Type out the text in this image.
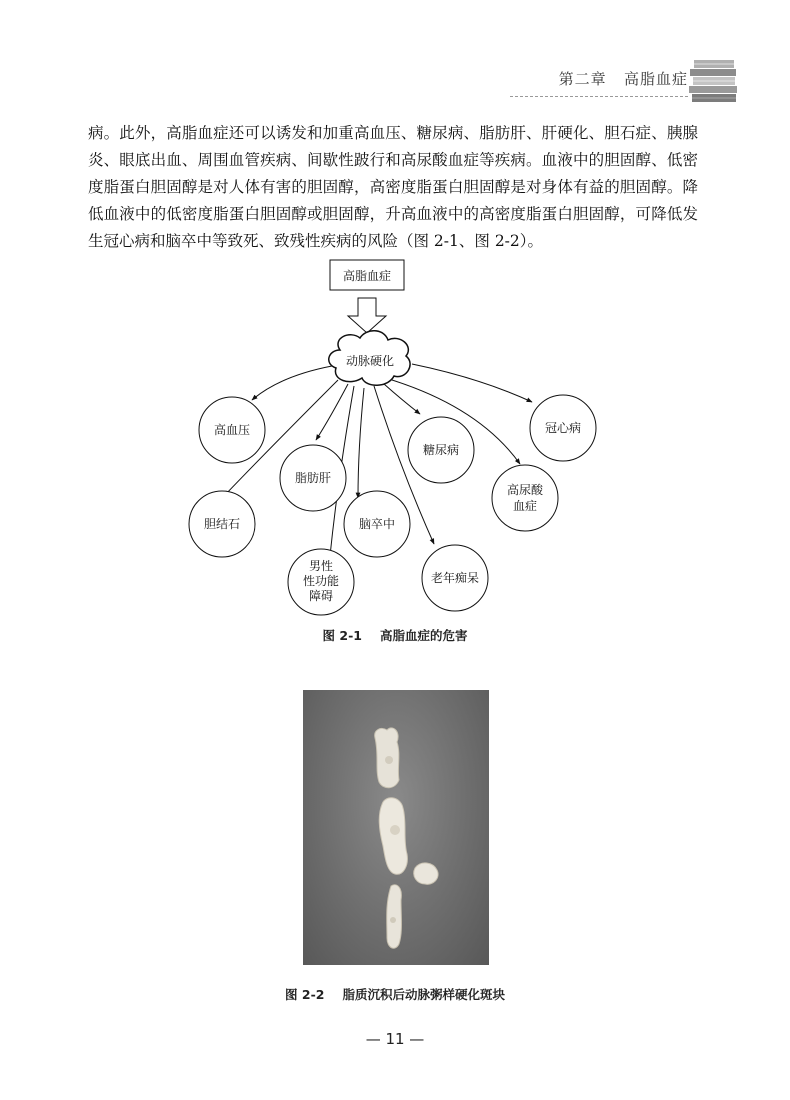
第二章 高脂血症

病。此外，高脂血症还可以诱发和加重高血压、糖尿病、脂肪肝、肝硬化、胆石症、胰腺炎、眼底出血、周围血管疾病、间歇性跛行和高尿酸血症等疾病。血液中的胆固醇、低密度脂蛋白胆固醇是对人体有害的胆固醇，高密度脂蛋白胆固醇是对身体有益的胆固醇。降低血液中的低密度脂蛋白胆固醇或胆固醇，升高血液中的高密度脂蛋白胆固醇，可降低发生冠心病和脑卒中等致死、致残性疾病的风险（图 2-1、图 2-2）。

高脂血症
动脉硬化
高血压
胆结石
脂肪肝
脑卒中
男性
性功能
障碍
糖尿病
老年痴呆
高尿酸
血症
冠心病

图 2-1 高脂血症的危害

图 2-2 脂质沉积后动脉粥样硬化斑块

— 11 —
